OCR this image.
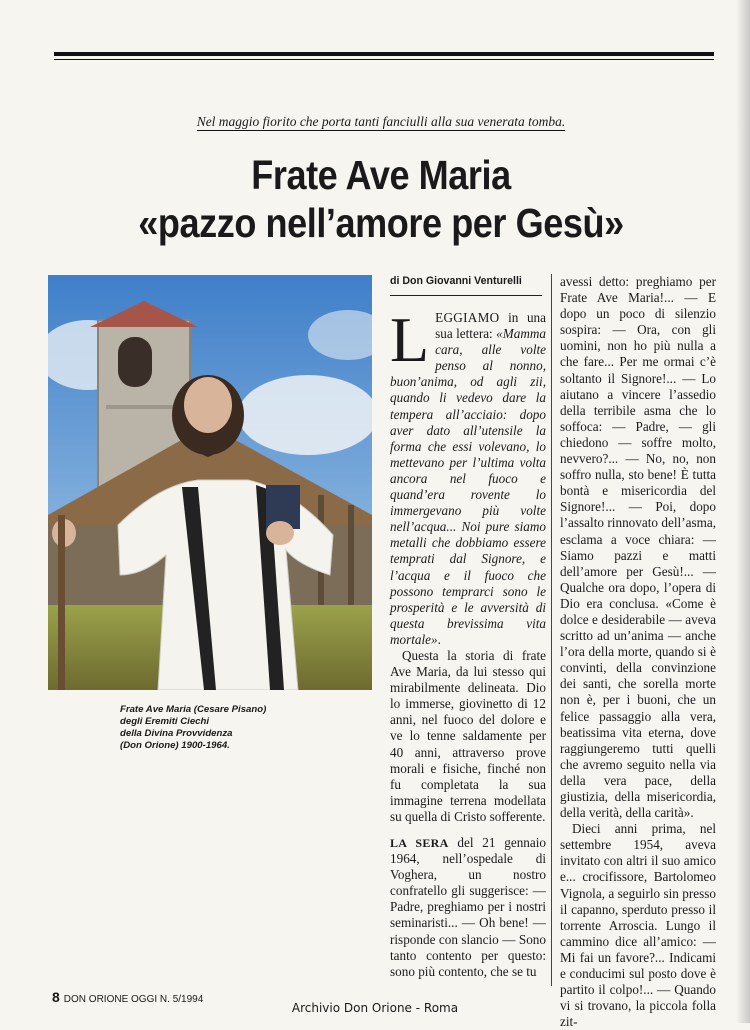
Nel maggio fiorito che porta tanti fanciulli alla sua venerata tomba.
Frate Ave Maria
«pazzo nell’amore per Gesù»
Frate Ave Maria (Cesare Pisano)
degli Eremiti Ciechi
della Divina Provvidenza
(Don Orione) 1900-1964.
di Don Giovanni Venturelli

LEGGIAMO in una sua lettera: «Mamma cara, alle volte penso al nonno, buon’anima, od agli zii, quando li vedevo dare la tempera all’acciaio: dopo aver dato all’utensile la forma che essi volevano, lo mettevano per l’ultima volta ancora nel fuoco e quand’era rovente lo immergevano più volte nell’acqua... Noi pure siamo metalli che dobbiamo essere temprati dal Signore, e l’acqua e il fuoco che possono temprarci sono le prosperità e le avversità di questa brevissima vita mortale».

Questa la storia di frate Ave Maria, da lui stesso qui mirabilmente delineata. Dio lo immerse, giovinetto di 12 anni, nel fuoco del dolore e ve lo tenne saldamente per 40 anni, attraverso prove morali e fisiche, finché non fu completata la sua immagine terrena modellata su quella di Cristo sofferente.

LA SERA del 21 gennaio 1964, nell’ospedale di Voghera, un nostro confratello gli suggerisce: — Padre, preghiamo per i nostri seminaristi... — Oh bene! — risponde con slancio — Sono tanto contento per questo: sono più contento, che se tu

avessi detto: preghiamo per Frate Ave Maria!... — E dopo un poco di silenzio sospira: — Ora, con gli uomini, non ho più nulla a che fare... Per me ormai c’è soltanto il Signore!... — Lo aiutano a vincere l’assedio della terribile asma che lo soffoca: — Padre, — gli chiedono — soffre molto, nevvero?... — No, no, non soffro nulla, sto bene! È tutta bontà e misericordia del Signore!... — Poi, dopo l’assalto rinnovato dell’asma, esclama a voce chiara: — Siamo pazzi e matti dell’amore per Gesù!... — Qualche ora dopo, l’opera di Dio era conclusa. «Come è dolce e desiderabile — aveva scritto ad un’anima — anche l’ora della morte, quando si è convinti, della convinzione dei santi, che sorella morte non è, per i buoni, che un felice passaggio alla vera, beatissima vita eterna, dove raggiungeremo tutti quelli che avremo seguito nella via della vera pace, della giustizia, della misericordia, della verità, della carità».

Dieci anni prima, nel settembre 1954, aveva invitato con altri il suo amico e... crocifissore, Bartolomeo Vignola, a seguirlo sin presso il capanno, sperduto presso il torrente Arroscia. Lungo il cammino dice all’amico: — Mi fai un favore?... Indicami e conducimi sul posto dove è partito il colpo!... — Quando vi si trovano, la piccola folla zit-

8 DON ORIONE OGGI N. 5/1994
Archivio Don Orione - Roma
